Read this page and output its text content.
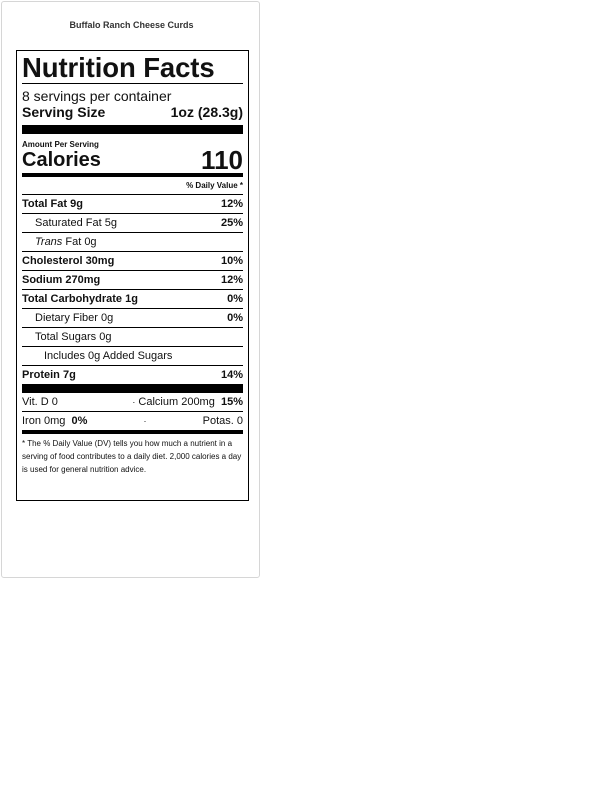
Buffalo Ranch Cheese Curds
Nutrition Facts
8 servings per container
Serving Size	1oz (28.3g)
Amount Per Serving
Calories	110
% Daily Value *
Total Fat 9g	12%
Saturated Fat 5g	25%
Trans Fat 0g
Cholesterol 30mg	10%
Sodium 270mg	12%
Total Carbohydrate 1g	0%
Dietary Fiber 0g	0%
Total Sugars 0g
Includes 0g Added Sugars
Protein 7g	14%
Vit. D 0	· Calcium 200mg 15%
Iron 0mg 0%	·	Potas. 0
* The % Daily Value (DV) tells you how much a nutrient in a serving of food contributes to a daily diet. 2,000 calories a day is used for general nutrition advice.
